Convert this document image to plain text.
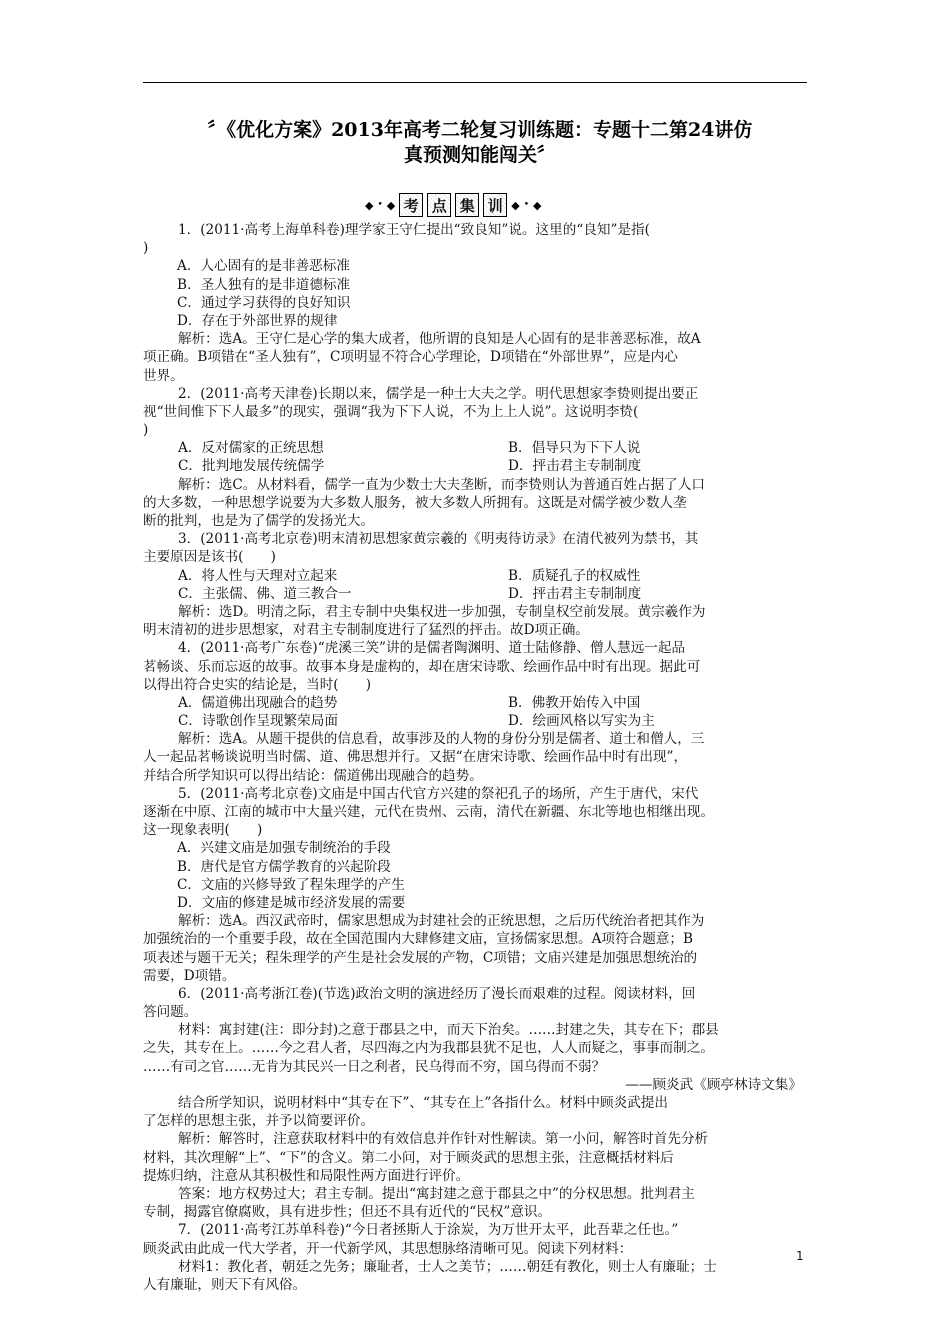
〞《优化方案》2013年高考二轮复习训练题：专题十二第24讲仿
真预测知能闯关〞
◆ • ◆ 考 点 集 训 ◆ • ◆
1．(2011·高考上海单科卷)理学家王守仁提出“致良知”说。这里的“良知”是指(
)
A．人心固有的是非善恶标准
B．圣人独有的是非道德标准
C．通过学习获得的良好知识
D．存在于外部世界的规律
解析：选A。王守仁是心学的集大成者，他所谓的良知是人心固有的是非善恶标准，故A
项正确。B项错在“圣人独有”，C项明显不符合心学理论，D项错在“外部世界”，应是内心
世界。
2．(2011·高考天津卷)长期以来，儒学是一种士大夫之学。明代思想家李贽则提出要正
视“世间惟下下人最多”的现实，强调“我为下下人说，不为上上人说”。这说明李贽(
)
A．反对儒家的正统思想	B．倡导只为下下人说
C．批判地发展传统儒学	D．抨击君主专制制度
解析：选C。从材料看，儒学一直为少数士大夫垄断，而李贽则认为普通百姓占据了人口
的大多数，一种思想学说要为大多数人服务，被大多数人所拥有。这既是对儒学被少数人垄
断的批判，也是为了儒学的发扬光大。
3．(2011·高考北京卷)明末清初思想家黄宗羲的《明夷待访录》在清代被列为禁书，其
主要原因是该书(　　)
A．将人性与天理对立起来	B．质疑孔子的权威性
C．主张儒、佛、道三教合一	D．抨击君主专制制度
解析：选D。明清之际，君主专制中央集权进一步加强，专制皇权空前发展。黄宗羲作为
明末清初的进步思想家，对君主专制制度进行了猛烈的抨击。故D项正确。
4．(2011·高考广东卷)“虎溪三笑”讲的是儒者陶渊明、道士陆修静、僧人慧远一起品
茗畅谈、乐而忘返的故事。故事本身是虚构的，却在唐宋诗歌、绘画作品中时有出现。据此可
以得出符合史实的结论是，当时(　　)
A．儒道佛出现融合的趋势	B．佛教开始传入中国
C．诗歌创作呈现繁荣局面	D．绘画风格以写实为主
解析：选A。从题干提供的信息看，故事涉及的人物的身份分别是儒者、道士和僧人，三
人一起品茗畅谈说明当时儒、道、佛思想并行。又据“在唐宋诗歌、绘画作品中时有出现”，
并结合所学知识可以得出结论：儒道佛出现融合的趋势。
5．(2011·高考北京卷)文庙是中国古代官方兴建的祭祀孔子的场所，产生于唐代，宋代
逐渐在中原、江南的城市中大量兴建，元代在贵州、云南，清代在新疆、东北等地也相继出现。
这一现象表明(　　)
A．兴建文庙是加强专制统治的手段
B．唐代是官方儒学教育的兴起阶段
C．文庙的兴修导致了程朱理学的产生
D．文庙的修建是城市经济发展的需要
解析：选A。西汉武帝时，儒家思想成为封建社会的正统思想，之后历代统治者把其作为
加强统治的一个重要手段，故在全国范围内大肆修建文庙，宣扬儒家思想。A项符合题意；B
项表述与题干无关；程朱理学的产生是社会发展的产物，C项错；文庙兴建是加强思想统治的
需要，D项错。
6．(2011·高考浙江卷)(节选)政治文明的演进经历了漫长而艰难的过程。阅读材料，回
答问题。
材料：寓封建(注：即分封)之意于郡县之中，而天下治矣。……封建之失，其专在下；郡县
之失，其专在上。……今之君人者，尽四海之内为我郡县犹不足也，人人而疑之，事事而制之。
……有司之官……无肯为其民兴一日之利者，民乌得而不穷，国乌得而不弱？
——顾炎武《顾亭林诗文集》
结合所学知识，说明材料中“其专在下”、“其专在上”各指什么。材料中顾炎武提出
了怎样的思想主张，并予以简要评价。
解析：解答时，注意获取材料中的有效信息并作针对性解读。第一小问，解答时首先分析
材料，其次理解“上”、“下”的含义。第二小问，对于顾炎武的思想主张，注意概括材料后
提炼归纳，注意从其积极性和局限性两方面进行评价。
答案：地方权势过大；君主专制。提出“寓封建之意于郡县之中”的分权思想。批判君主
专制，揭露官僚腐败，具有进步性；但还不具有近代的“民权”意识。
7．(2011·高考江苏单科卷)“今日者拯斯人于涂炭，为万世开太平，此吾辈之任也。”
顾炎武由此成一代大学者，开一代新学风，其思想脉络清晰可见。阅读下列材料：
材料1：教化者，朝廷之先务；廉耻者，士人之美节；……朝廷有教化，则士人有廉耻；士
人有廉耻，则天下有风俗。
1
